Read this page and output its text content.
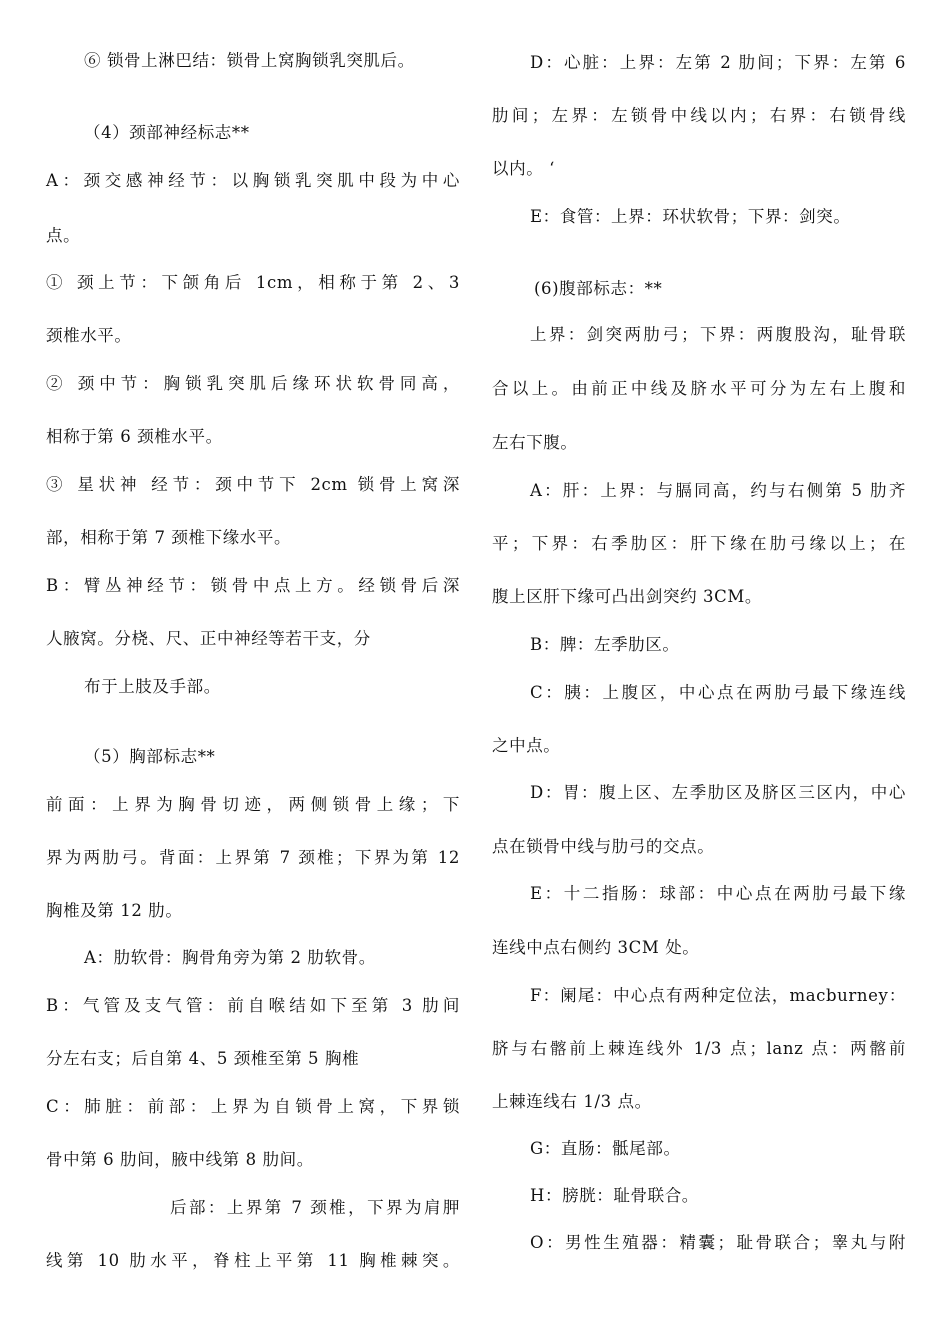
⑥ 锁骨上淋巴结：锁骨上窝胸锁乳突肌后。
（4）颈部神经标志**
A：颈交感神经节：以胸锁乳突肌中段为中心
点。
① 颈上节：下颌角后 1cm，相称于第 2、3
颈椎水平。
② 颈中节：胸锁乳突肌后缘环状软骨同高，
相称于第 6 颈椎水平。
③ 星状神 经节：颈中节下 2cm 锁骨上窝深
部，相称于第 7 颈椎下缘水平。
B：臂丛神经节：锁骨中点上方。经锁骨后深
人腋窝。分桡、尺、正中神经等若干支，分
布于上肢及手部。
（5）胸部标志**
前面：上界为胸骨切迹，两侧锁骨上缘；下
界为两肋弓。背面：上界第 7 颈椎；下界为第 12
胸椎及第 12 肋。
A：肋软骨：胸骨角旁为第 2 肋软骨。
B：气管及支气管：前自喉结如下至第 3 肋间
分左右支；后自第 4、5 颈椎至第 5 胸椎
C：肺脏：前部：上界为自锁骨上窝，下界锁
骨中第 6 肋间，腋中线第 8 肋间。
后部：上界第 7 颈椎，下界为肩胛
线第 10 肋水平，脊柱上平第 11 胸椎棘突。
D：心脏：上界：左第 2 肋间；下界：左第 6
肋间；左界：左锁骨中线以内；右界：右锁骨线
以内。 ‘
E：食管：上界：环状软骨；下界：剑突。
(6)腹部标志：**
上界：剑突两肋弓；下界：两腹股沟，耻骨联
合以上。由前正中线及脐水平可分为左右上腹和
左右下腹。
A：肝：上界：与膈同高，约与右侧第 5 肋齐
平；下界：右季肋区：肝下缘在肋弓缘以上；在
腹上区肝下缘可凸出剑突约 3CM。
B：脾：左季肋区。
C：胰：上腹区，中心点在两肋弓最下缘连线
之中点。
D：胃：腹上区、左季肋区及脐区三区内，中心
点在锁骨中线与肋弓的交点。
E：十二指肠：球部：中心点在两肋弓最下缘
连线中点右侧约 3CM 处。
F：阑尾：中心点有两种定位法，macburney：
脐与右髂前上棘连线外 1/3 点；lanz 点：两髂前
上棘连线右 1/3 点。
G：直肠：骶尾部。
H：膀胱：耻骨联合。
O：男性生殖器：精囊；耻骨联合；睾丸与附
